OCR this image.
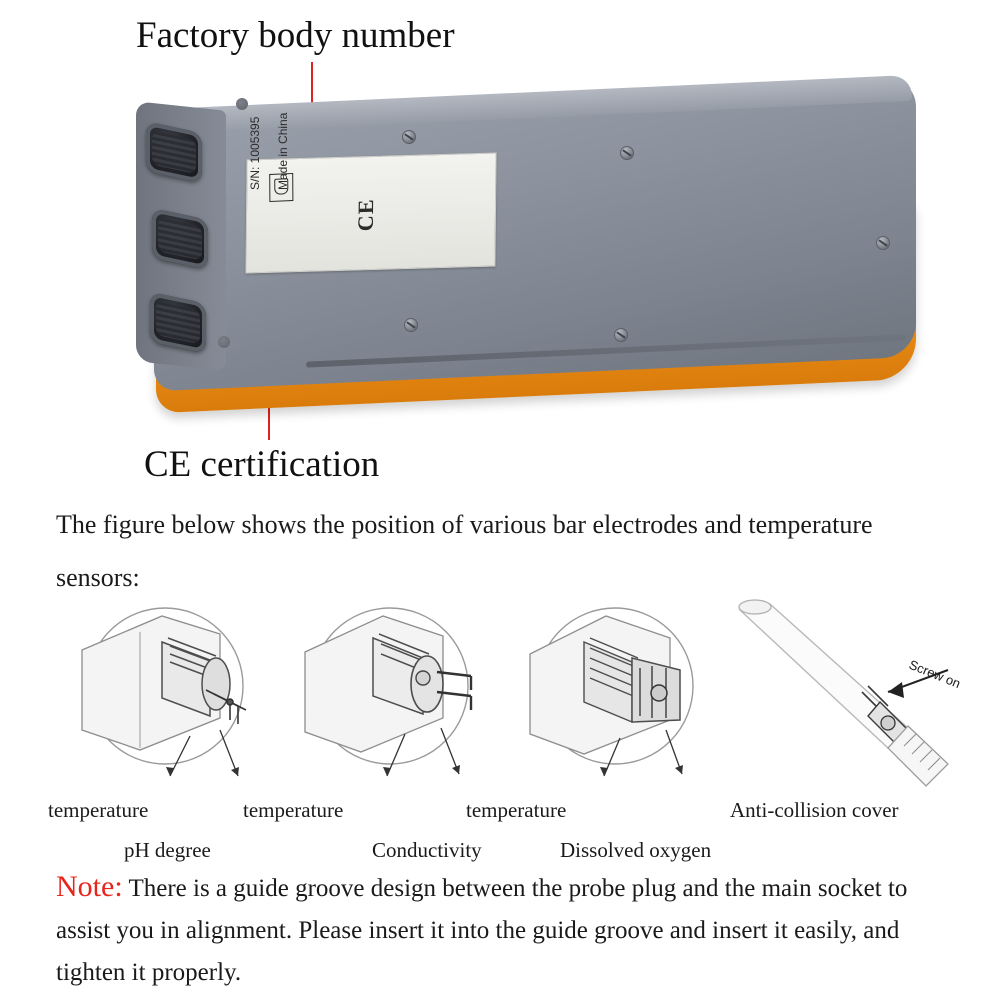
Factory body number
CE certification
CE
S/N: 1005395 Made in China
The figure below shows the position of various bar electrodes and temperature sensors:
Screw on
temperature
pH degree
temperature
Conductivity
temperature
Dissolved oxygen
Anti-collision cover
Note: There is a guide groove design between the probe plug and the main socket to assist you in alignment. Please insert it into the guide groove and insert it easily, and tighten it properly.
